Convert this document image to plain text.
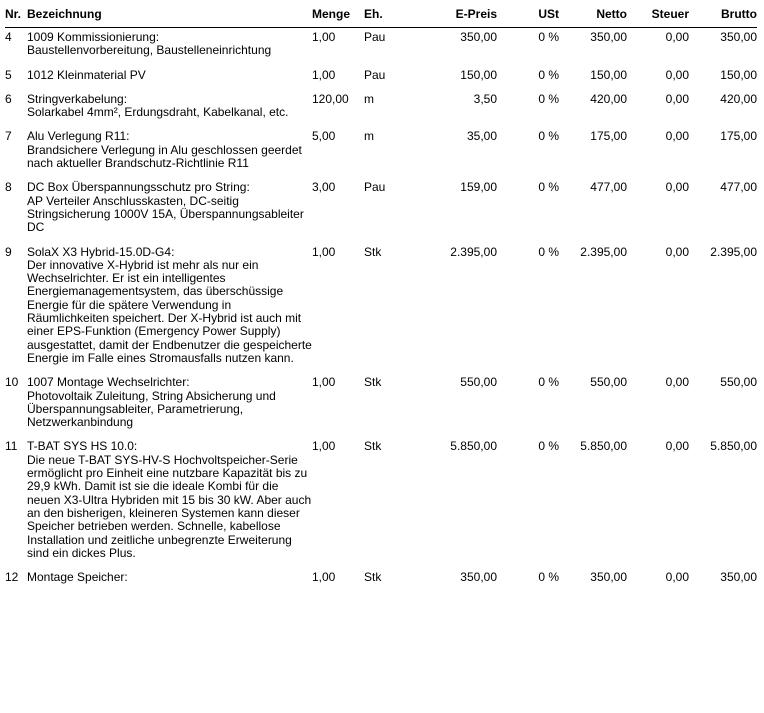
Nr.	Bezeichnung	Menge	Eh.	E-Preis	USt	Netto	Steuer	Brutto
4	1009 Kommissionierung:
Baustellenvorbereitung, Baustelleneinrichtung	1,00	Pau	350,00	0 %	350,00	0,00	350,00
5	1012 Kleinmaterial PV	1,00	Pau	150,00	0 %	150,00	0,00	150,00
6	Stringverkabelung:
Solarkabel 4mm², Erdungsdraht, Kabelkanal, etc.	120,00	m	3,50	0 %	420,00	0,00	420,00
7	Alu Verlegung R11:
Brandsichere Verlegung in Alu geschlossen geerdet nach aktueller Brandschutz-Richtlinie R11	5,00	m	35,00	0 %	175,00	0,00	175,00
8	DC Box Überspannungsschutz pro String:
AP Verteiler Anschlusskasten, DC-seitig Stringsicherung 1000V 15A, Überspannungsableiter DC	3,00	Pau	159,00	0 %	477,00	0,00	477,00
9	SolaX X3 Hybrid-15.0D-G4:
Der innovative X-Hybrid ist mehr als nur ein Wechselrichter. Er ist ein intelligentes Energiemanagementsystem, das überschüssige Energie für die spätere Verwendung in Räumlichkeiten speichert. Der X-Hybrid ist auch mit einer EPS-Funktion (Emergency Power Supply) ausgestattet, damit der Endbenutzer die gespeicherte Energie im Falle eines Stromausfalls nutzen kann.	1,00	Stk	2.395,00	0 %	2.395,00	0,00	2.395,00
10	1007 Montage Wechselrichter:
Photovoltaik Zuleitung, String Absicherung und Überspannungsableiter, Parametrierung, Netzwerkanbindung	1,00	Stk	550,00	0 %	550,00	0,00	550,00
11	T-BAT SYS HS 10.0:
Die neue T-BAT SYS-HV-S Hochvoltspeicher-Serie ermöglicht pro Einheit eine nutzbare Kapazität bis zu 29,9 kWh. Damit ist sie die ideale Kombi für die neuen X3-Ultra Hybriden mit 15 bis 30 kW. Aber auch an den bisherigen, kleineren Systemen kann dieser Speicher betrieben werden. Schnelle, kabellose Installation und zeitliche unbegrenzte Erweiterung sind ein dickes Plus.	1,00	Stk	5.850,00	0 %	5.850,00	0,00	5.850,00
12	Montage Speicher:	1,00	Stk	350,00	0 %	350,00	0,00	350,00
